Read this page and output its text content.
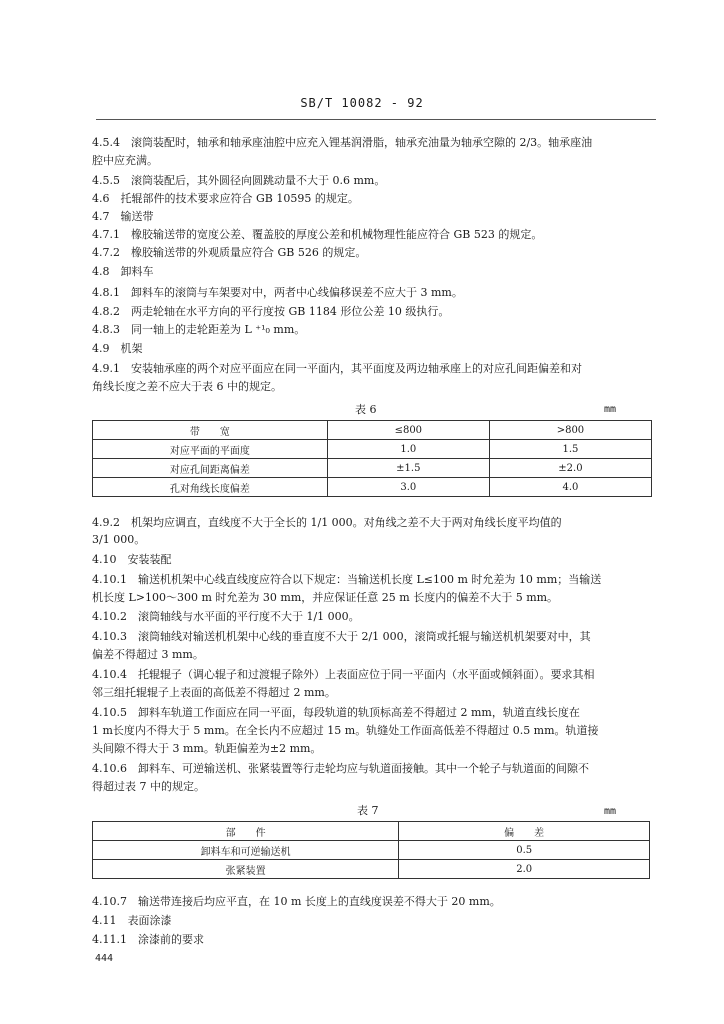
SB/T 10082 - 92
4.5.4　滚筒装配时，轴承和轴承座油腔中应充入锂基润滑脂，轴承充油量为轴承空隙的 2/3。轴承座油
腔中应充满。
4.5.5　滚筒装配后，其外圆径向圆跳动量不大于 0.6 mm。
4.6　托辊部件的技术要求应符合 GB 10595 的规定。
4.7　输送带
4.7.1　橡胶输送带的宽度公差、覆盖胶的厚度公差和机械物理性能应符合 GB 523 的规定。
4.7.2　橡胶输送带的外观质量应符合 GB 526 的规定。
4.8　卸料车
4.8.1　卸料车的滚筒与车架要对中，两者中心线偏移误差不应大于 3 mm。
4.8.2　两走轮轴在水平方向的平行度按 GB 1184 形位公差 10 级执行。
4.8.3　同一轴上的走轮距差为 L ⁺¹₀ mm。
4.9　机架
4.9.1　安装轴承座的两个对应平面应在同一平面内，其平面度及两边轴承座上的对应孔间距偏差和对
角线长度之差不应大于表 6 中的规定。
表 6	mm
带　　宽	≤800	>800
对应平面的平面度	1.0	1.5
对应孔间距离偏差	±1.5	±2.0
孔对角线长度偏差	3.0	4.0
4.9.2　机架均应调直，直线度不大于全长的 1/1 000。对角线之差不大于两对角线长度平均值的
3/1 000。
4.10　安装装配
4.10.1　输送机机架中心线直线度应符合以下规定：当输送机长度 L≤100 m 时允差为 10 mm；当输送
机长度 L>100～300 m 时允差为 30 mm，并应保证任意 25 m 长度内的偏差不大于 5 mm。
4.10.2　滚筒轴线与水平面的平行度不大于 1/1 000。
4.10.3　滚筒轴线对输送机机架中心线的垂直度不大于 2/1 000，滚筒或托辊与输送机机架要对中，其
偏差不得超过 3 mm。
4.10.4　托辊辊子（调心辊子和过渡辊子除外）上表面应位于同一平面内（水平面或倾斜面）。要求其相
邻三组托辊辊子上表面的高低差不得超过 2 mm。
4.10.5　卸料车轨道工作面应在同一平面，每段轨道的轨顶标高差不得超过 2 mm，轨道直线长度在
1 m长度内不得大于 5 mm。在全长内不应超过 15 m。轨缝处工作面高低差不得超过 0.5 mm。轨道接
头间隙不得大于 3 mm。轨距偏差为±2 mm。
4.10.6　卸料车、可逆输送机、张紧装置等行走轮均应与轨道面接触。其中一个轮子与轨道面的间隙不
得超过表 7 中的规定。
表 7	mm
部　　件	偏　　差
卸料车和可逆输送机	0.5
张紧装置	2.0
4.10.7　输送带连接后均应平直，在 10 m 长度上的直线度误差不得大于 20 mm。
4.11　表面涂漆
4.11.1　涂漆前的要求
444
